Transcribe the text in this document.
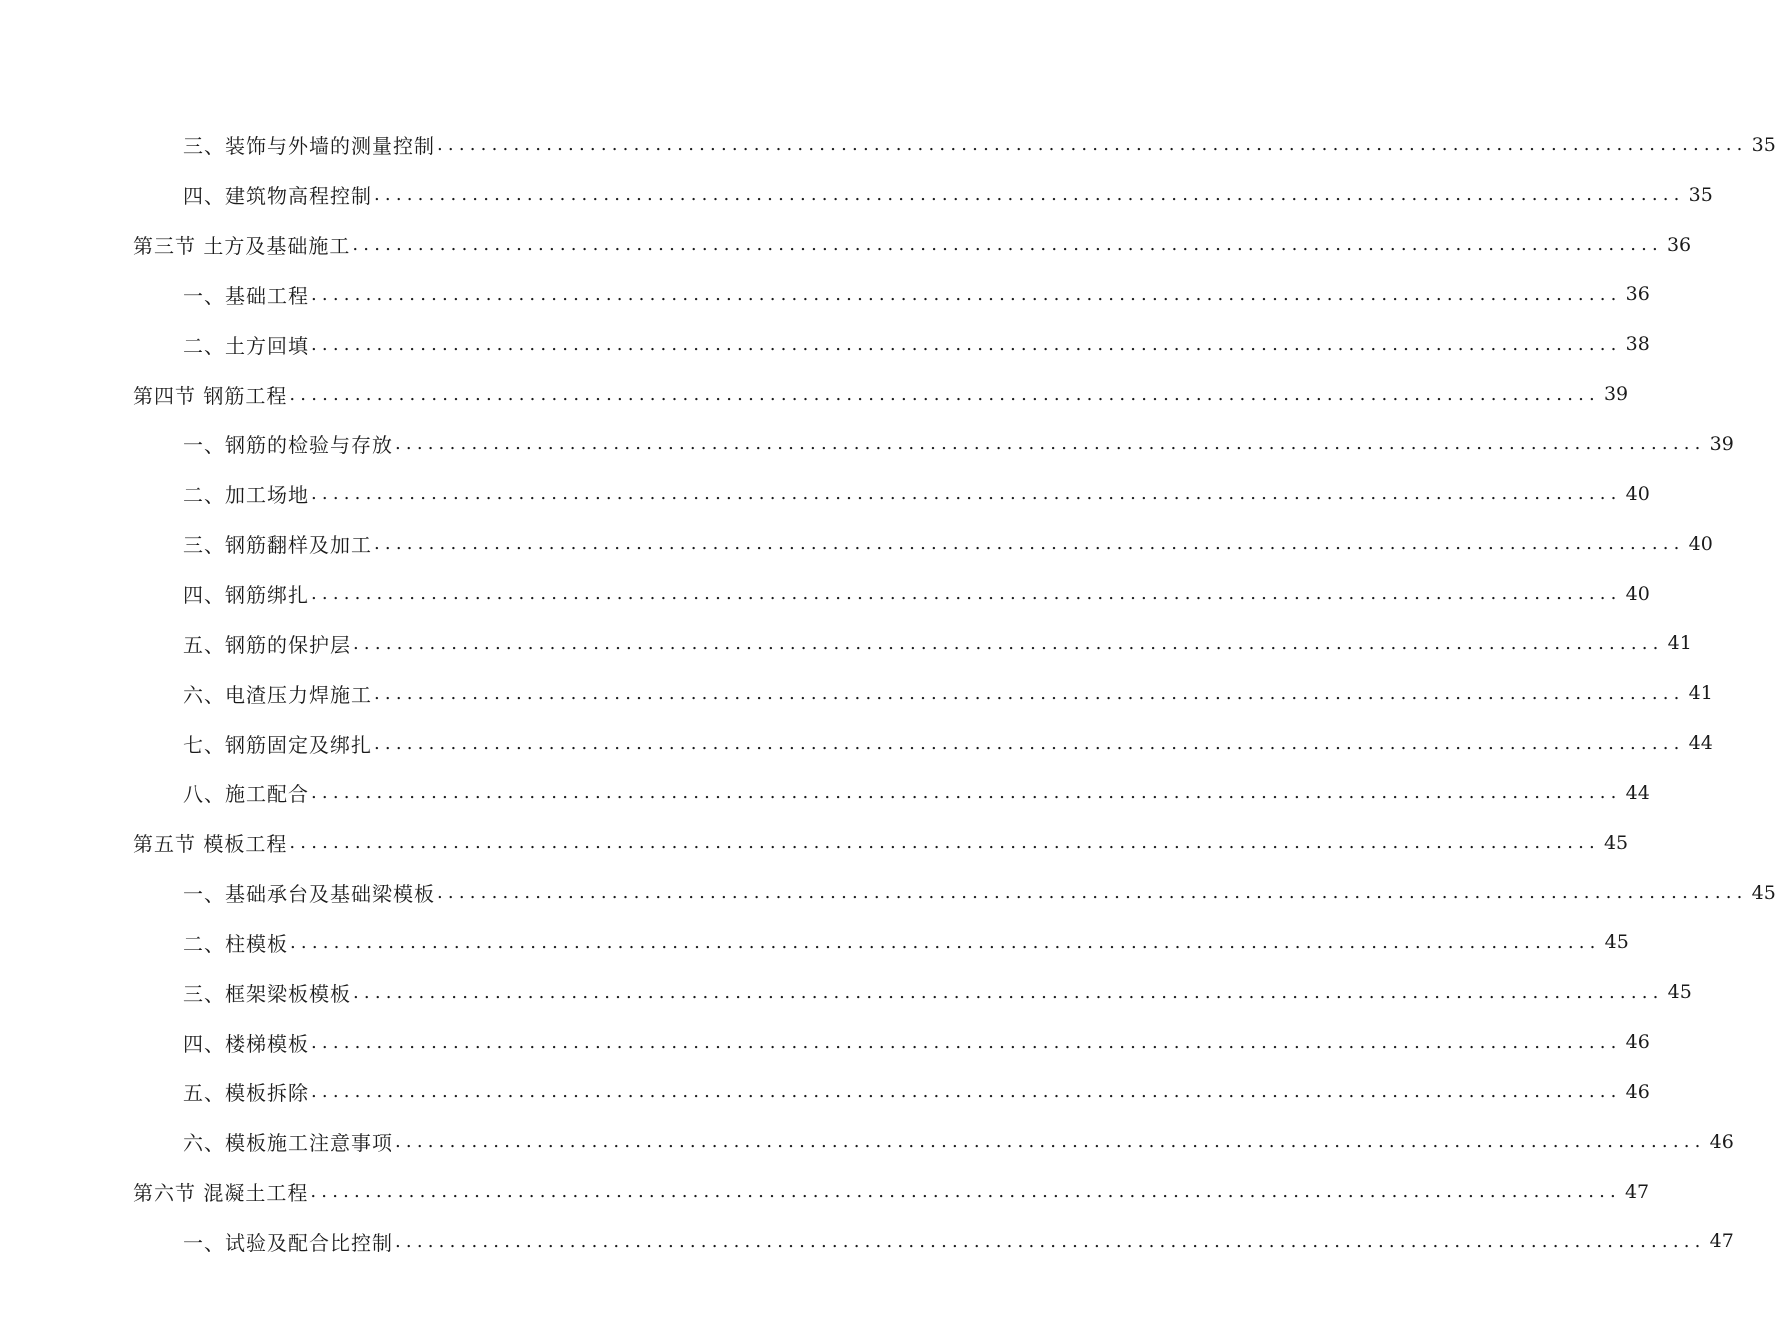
三、装饰与外墙的测量控制 ........................................................................................................................ 35
四、建筑物高程控制 ........................................................................................................................ 35
第三节 土方及基础施工 ........................................................................................................................ 36
一、基础工程 ........................................................................................................................ 36
二、土方回填 ........................................................................................................................ 38
第四节 钢筋工程 ........................................................................................................................ 39
一、钢筋的检验与存放 ........................................................................................................................ 39
二、加工场地 ........................................................................................................................ 40
三、钢筋翻样及加工 ........................................................................................................................ 40
四、钢筋绑扎 ........................................................................................................................ 40
五、钢筋的保护层 ........................................................................................................................ 41
六、电渣压力焊施工 ........................................................................................................................ 41
七、钢筋固定及绑扎 ........................................................................................................................ 44
八、施工配合 ........................................................................................................................ 44
第五节 模板工程 ........................................................................................................................ 45
一、基础承台及基础梁模板 ........................................................................................................................ 45
二、柱模板 ........................................................................................................................ 45
三、框架梁板模板 ........................................................................................................................ 45
四、楼梯模板 ........................................................................................................................ 46
五、模板拆除 ........................................................................................................................ 46
六、模板施工注意事项 ........................................................................................................................ 46
第六节 混凝土工程 ........................................................................................................................ 47
一、试验及配合比控制 ........................................................................................................................ 47
